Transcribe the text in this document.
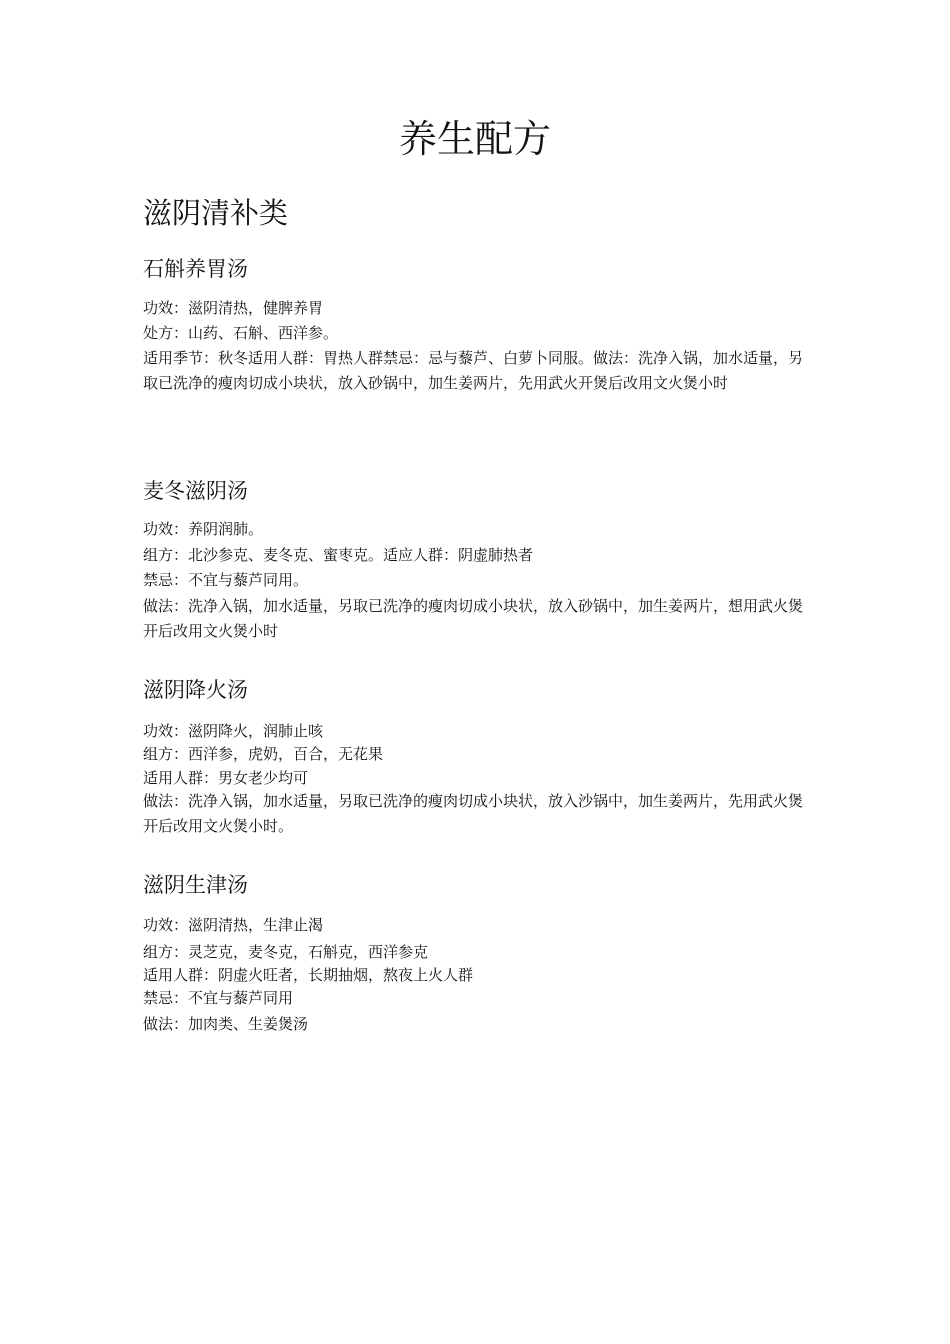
养生配方
滋阴清补类
石斛养胃汤

功效：滋阴清热，健脾养胃

处方：山药、石斛、西洋参。

适用季节：秋冬适用人群：胃热人群禁忌：忌与藜芦、白萝卜同服。做法：洗净入锅，加水适量，另取已洗净的瘦肉切成小块状，放入砂锅中，加生姜两片，先用武火开煲后改用文火煲小时

麦冬滋阴汤

功效：养阴润肺。

组方：北沙参克、麦冬克、蜜枣克。适应人群：阴虚肺热者

禁忌：不宜与藜芦同用。

做法：洗净入锅，加水适量，另取已洗净的瘦肉切成小块状，放入砂锅中，加生姜两片，想用武火煲开后改用文火煲小时

滋阴降火汤

功效：滋阴降火，润肺止咳

组方：西洋参，虎奶，百合，无花果

适用人群：男女老少均可

做法：洗净入锅，加水适量，另取已洗净的瘦肉切成小块状，放入沙锅中，加生姜两片，先用武火煲开后改用文火煲小时。

滋阴生津汤

功效：滋阴清热，生津止渴

组方：灵芝克，麦冬克，石斛克，西洋参克

适用人群：阴虚火旺者，长期抽烟，熬夜上火人群

禁忌：不宜与藜芦同用

做法：加肉类、生姜煲汤
